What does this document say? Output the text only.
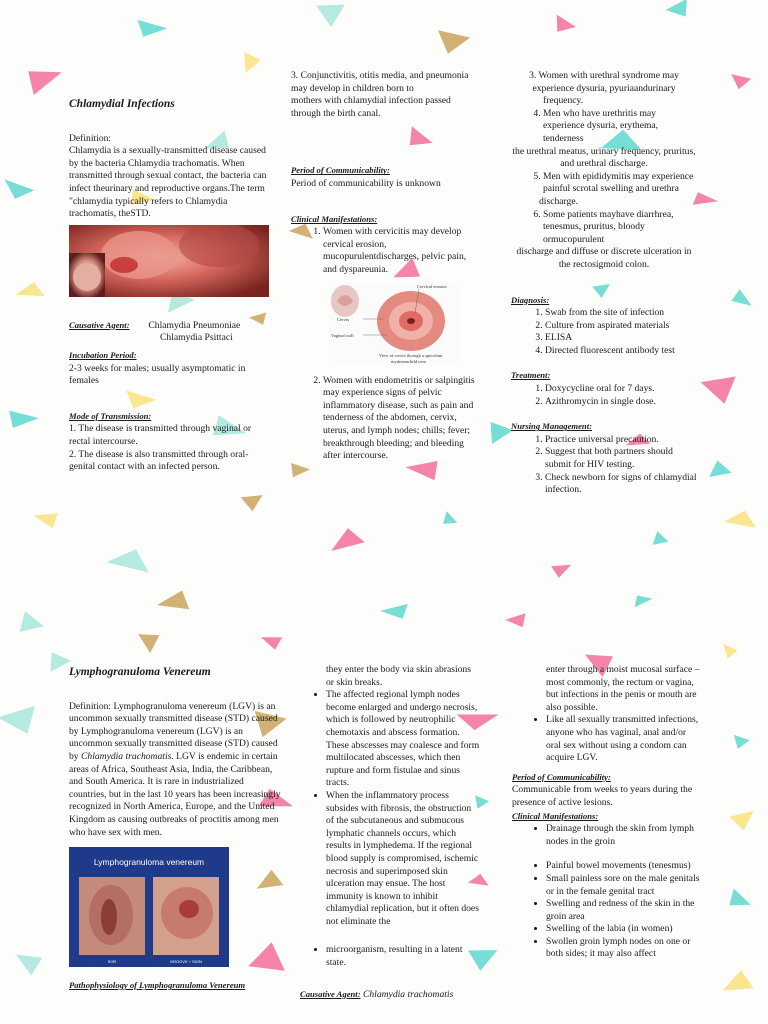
Chlamydial Infections
Definition:
Chlamydia is a sexually-transmitted disease caused by the bacteria Chlamydia trachomatis. When transmitted through sexual contact, the bacteria can infect theurinary and reproductive organs.The term "chlamydia typically refers to Chlamydia trachomatis, theSTD.
Causative Agent: Chlamydia Pneumoniae
Chlamydia Psittaci
Incubation Period:
2-3 weeks for males; usually asymptomatic in females
Mode of Transmission:
1. The disease is transmitted through vaginal or rectal intercourse.
2. The disease is also transmitted through oral-genital contact with an infected person.
3. Conjunctivitis, otitis media, and pneumonia may develop in children born to
mothers with chlamydial infection passed through the birth canal.
Period of Communicability:
Period of communicability is unknown
Clinical Manifestations:
1. Women with cervicitis may develop cervical erosion, mucopurulentdischarges, pelvic pain, and dyspareunia.
Cervical erosion
Cervix
Vaginal wall
View of cervix through a speculum
mydreamchild.com
2. Women with endometritis or salpingitis may experience signs of pelvic
inflammatory disease, such as pain and tenderness of the abdomen, cervix,
uterus, and lymph nodes; chills; fever; breakthrough bleeding; and bleeding
after intercourse.
3. Women with urethral syndrome may experience dysuria, pyuriaandurinary
frequency.
4. Men who have urethritis may experience dysuria, erythema, tenderness
the urethral meatus, urinary frequency, pruritus, and urethral discharge.
5. Men with epididymitis may experience painful scrotal swelling and urethra
discharge.
6. Some patients mayhave diarrhrea, tenesmus, pruritus, bloody ormucopurulent
discharge and diffuse or discrete ulceration in the rectosigmoid colon.
Diagnosis:
1. Swab from the site of infection
2. Culture from aspirated materials
3. ELISA
4. Directed fluorescent antibody test
Treatment:
1. Doxycycline oral for 7 days.
2. Azithromycin in single dose.
Nursing Management:
1. Practice universal precaution.
2. Suggest that both partners should submit for HIV testing.
3. Check newborn for signs of chlamydial infection.
Lymphogranuloma Venereum
Definition: Lymphogranuloma venereum (LGV) is an uncommon sexually transmitted disease (STD) caused by Lymphogranuloma venereum (LGV) is an uncommon sexually transmitted disease (STD) caused by Chlamydia trachomatis. LGV is endemic in certain areas of Africa, Southeast Asia, India, the Caribbean, and South America. It is rare in industrialized countries, but in the last 10 years has been increasingly recognized in North America, Europe, and the United Kingdom as causing outbreaks of proctitis among men who have sex with men.
Lymphogranuloma venereum
SOR	GROOVE + SIGN
Pathophysiology of Lymphogranuloma Venereum
they enter the body via skin abrasions or skin breaks.
• The affected regional lymph nodes become enlarged and undergo necrosis, which is followed by neutrophilic chemotaxis and abscess formation. These abscesses may coalesce and form multilocated abscesses, which then rupture and form fistulae and sinus tracts.
• When the inflammatory process subsides with fibrosis, the obstruction of the subcutaneous and submucous lymphatic channels occurs, which results in lymphedema. If the regional blood supply is compromised, ischemic necrosis and superimposed skin ulceration may ensue. The host immunity is known to inhibit chlamydial replication, but it often does not eliminate the
• microorganism, resulting in a latent state.
Causative Agent: Chlamydia trachomatis
enter through a moist mucosal surface – most commonly, the rectum or vagina, but infections in the penis or mouth are also possible.
• Like all sexually transmitted infections, anyone who has vaginal, anal and/or oral sex without using a condom can acquire LGV.
Period of Communicability:
Communicable from weeks to years during the presence of active lesions.
Clinical Manifestations:
• Drainage through the skin from lymph nodes in the groin
• Painful bowel movements (tenesmus)
• Small painless sore on the male genitals or in the female genital tract
• Swelling and redness of the skin in the groin area
• Swelling of the labia (in women)
• Swollen groin lymph nodes on one or both sides; it may also affect
